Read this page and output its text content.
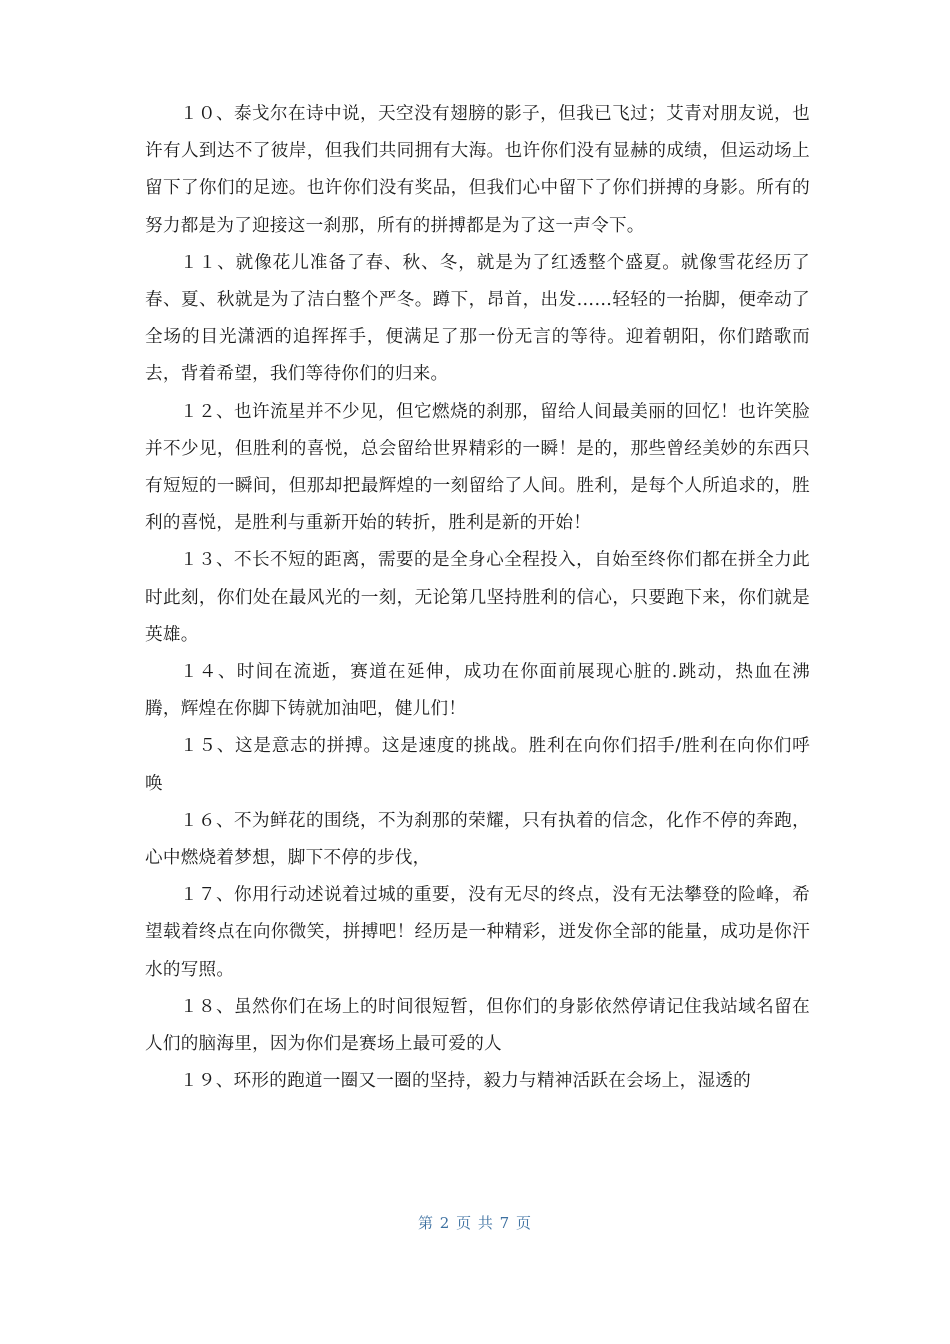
１０、泰戈尔在诗中说，天空没有翅膀的影子，但我已飞过；艾青对朋友说，也许有人到达不了彼岸，但我们共同拥有大海。也许你们没有显赫的成绩，但运动场上留下了你们的足迹。也许你们没有奖品，但我们心中留下了你们拼搏的身影。所有的努力都是为了迎接这一刹那，所有的拼搏都是为了这一声令下。

１１、就像花儿准备了春、秋、冬，就是为了红透整个盛夏。就像雪花经历了春、夏、秋就是为了洁白整个严冬。蹲下，昂首，出发……轻轻的一抬脚，便牵动了全场的目光潇洒的追挥挥手，便满足了那一份无言的等待。迎着朝阳，你们踏歌而去，背着希望，我们等待你们的归来。

１２、也许流星并不少见，但它燃烧的刹那，留给人间最美丽的回忆！也许笑脸并不少见，但胜利的喜悦，总会留给世界精彩的一瞬！是的，那些曾经美妙的东西只有短短的一瞬间，但那却把最辉煌的一刻留给了人间。胜利，是每个人所追求的，胜利的喜悦，是胜利与重新开始的转折，胜利是新的开始！

１３、不长不短的距离，需要的是全身心全程投入，自始至终你们都在拼全力此时此刻，你们处在最风光的一刻，无论第几坚持胜利的信心，只要跑下来，你们就是英雄。

１４、时间在流逝，赛道在延伸，成功在你面前展现心脏的.跳动，热血在沸腾，辉煌在你脚下铸就加油吧，健儿们！

１５、这是意志的拼搏。这是速度的挑战。胜利在向你们招手/胜利在向你们呼唤

１６、不为鲜花的围绕，不为刹那的荣耀，只有执着的信念，化作不停的奔跑，心中燃烧着梦想，脚下不停的步伐，

１７、你用行动述说着过城的重要，没有无尽的终点，没有无法攀登的险峰，希望载着终点在向你微笑，拼搏吧！经历是一种精彩，迸发你全部的能量，成功是你汗水的写照。

１８、虽然你们在场上的时间很短暂，但你们的身影依然停请记住我站域名留在人们的脑海里，因为你们是赛场上最可爱的人

１９、环形的跑道一圈又一圈的坚持，毅力与精神活跃在会场上，湿透的

第 2 页 共 7 页
